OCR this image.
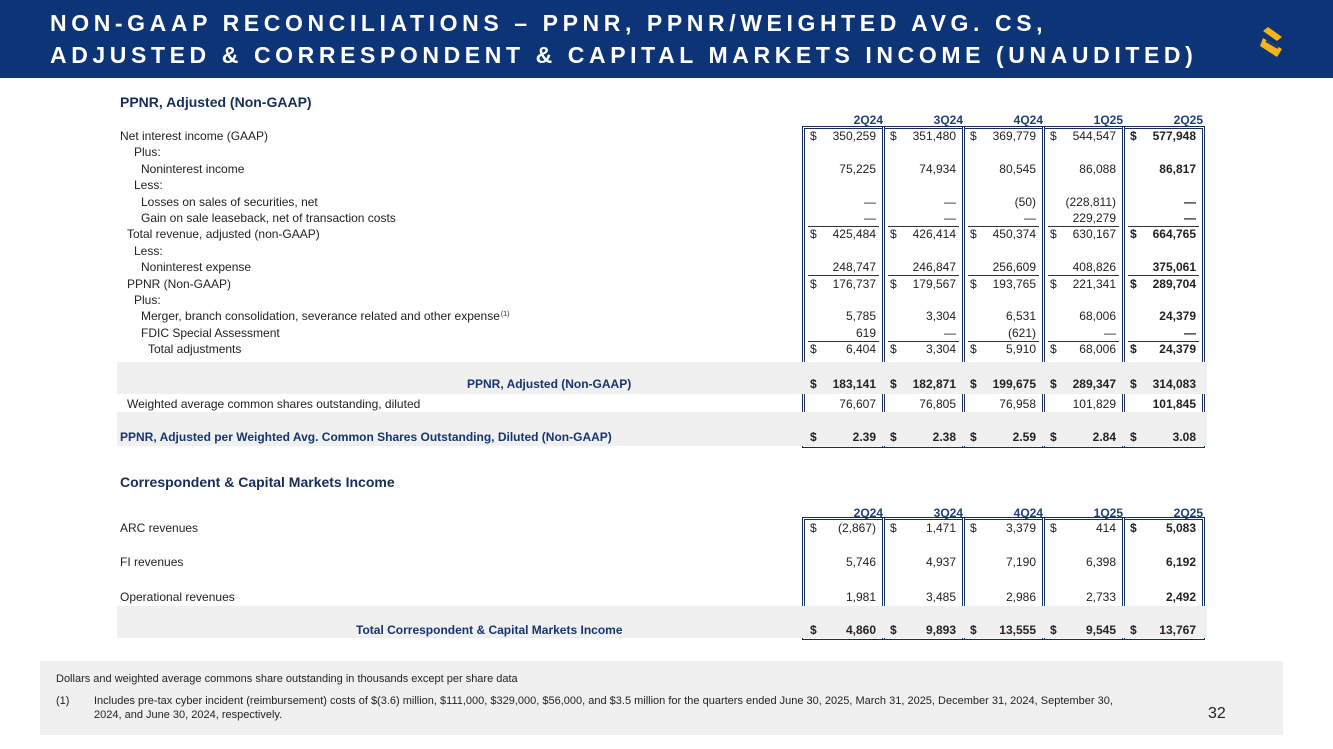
NON-GAAP RECONCILIATIONS – PPNR, PPNR/WEIGHTED AVG. CS,
ADJUSTED & CORRESPONDENT & CAPITAL MARKETS INCOME (UNAUDITED)
PPNR, Adjusted (Non-GAAP)
2Q24	3Q24	4Q24	1Q25	2Q25
Net interest income (GAAP)	$ 350,259 $ 351,480 $ 369,779 $ 544,547 $ 577,948
Plus:
Noninterest income	75,225	74,934	80,545	86,088	86,817
Less:
Losses on sales of securities, net	—	—	(50) (228,811)	—
Gain on sale leaseback, net of transaction costs	—	—	—	229,279	—
Total revenue, adjusted (non-GAAP)	$ 425,484 $ 426,414 $ 450,374 $ 630,167 $ 664,765
Less:
Noninterest expense	248,747	246,847	256,609	408,826	375,061
PPNR (Non-GAAP)	$ 176,737 $ 179,567 $ 193,765 $ 221,341 $ 289,704
Plus:
Merger, branch consolidation, severance related and other expense$^{(1)}$	5,785	3,304	6,531	68,006	24,379
FDIC Special Assessment	619	—	(621)	—	—
Total adjustments	$ 6,404 $ 3,304 $ 5,910 $ 68,006 $ 24,379
PPNR, Adjusted (Non-GAAP)	$ 183,141 $ 182,871 $ 199,675 $ 289,347 $ 314,083
Weighted average common shares outstanding, diluted	76,607	76,805	76,958	101,829	101,845
PPNR, Adjusted per Weighted Avg. Common Shares Outstanding, Diluted (Non-GAAP)	$	2.39 $	2.38 $	2.59 $	2.84 $	3.08
Correspondent & Capital Markets Income
2Q24	3Q24	4Q24	1Q25	2Q25
ARC revenues	$ (2,867) $ 1,471 $ 3,379 $	414 $ 5,083
FI revenues	5,746	4,937	7,190	6,398	6,192
Operational revenues	1,981	3,485	2,986	2,733	2,492
Total Correspondent & Capital Markets Income	$ 4,860 $ 9,893 $ 13,555 $ 9,545 $ 13,767
Dollars and weighted average commons share outstanding in thousands except per share data
(1) Includes pre-tax cyber incident (reimbursement) costs of $(3.6) million, $111,000, $329,000, $56,000, and $3.5 million for the quarters ended June 30, 2025, March 31, 2025, December 31, 2024, September 30,
2024, and June 30, 2024, respectively.	32
